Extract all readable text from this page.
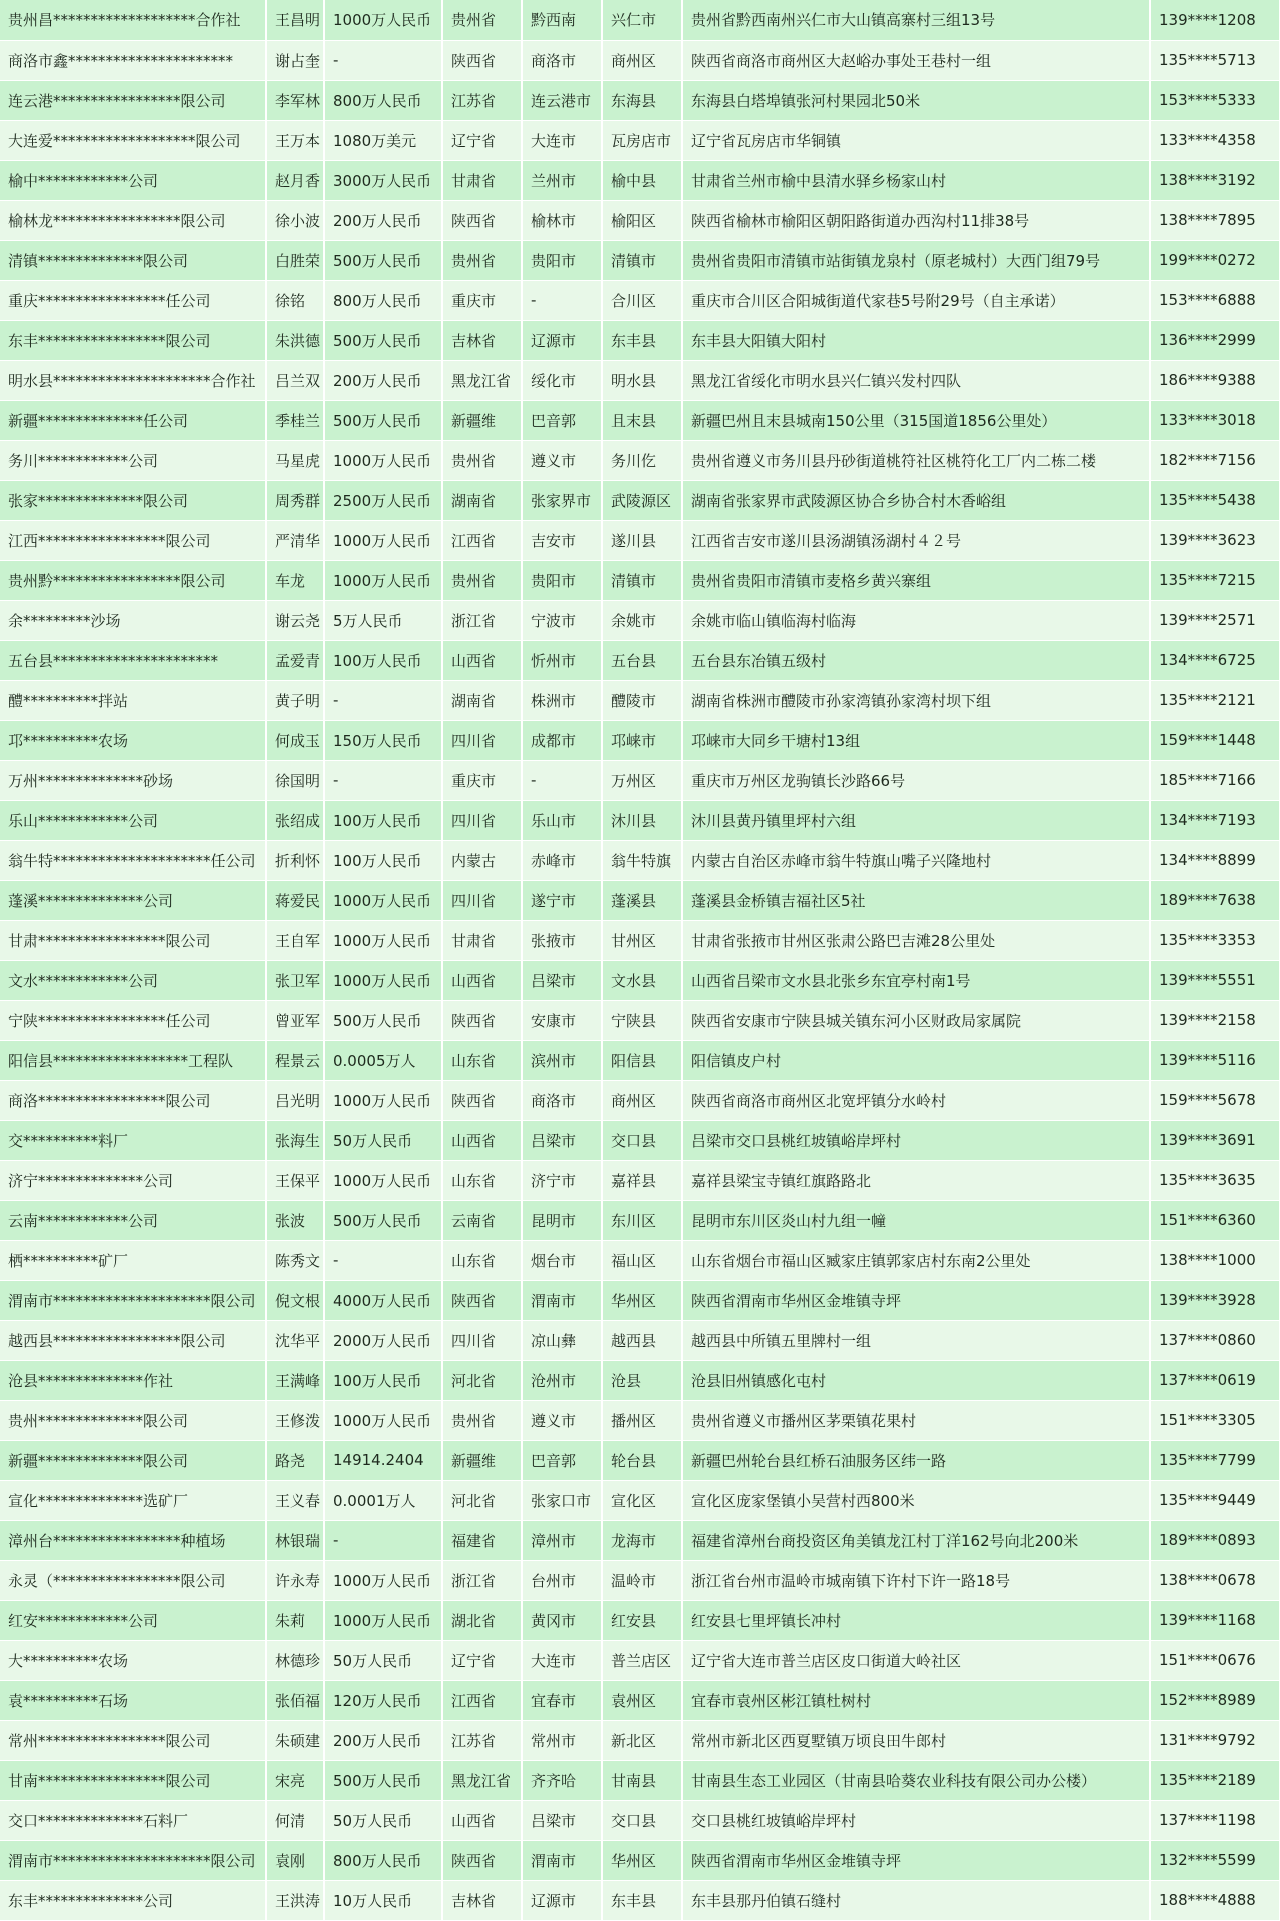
贵州昌*******************合作社	王昌明	1000万人民币	贵州省	黔西南	兴仁市	贵州省黔西南州兴仁市大山镇高寨村三组13号	139****1208
商洛市鑫**********************	谢占奎	-	陕西省	商洛市	商州区	陕西省商洛市商州区大赵峪办事处王巷村一组	135****5713
连云港*****************限公司	李军林	800万人民币	江苏省	连云港市	东海县	东海县白塔埠镇张河村果园北50米	153****5333
大连爱*******************限公司	王万本	1080万美元	辽宁省	大连市	瓦房店市	辽宁省瓦房店市华铜镇	133****4358
榆中************公司	赵月香	3000万人民币	甘肃省	兰州市	榆中县	甘肃省兰州市榆中县清水驿乡杨家山村	138****3192
榆林龙*****************限公司	徐小波	200万人民币	陕西省	榆林市	榆阳区	陕西省榆林市榆阳区朝阳路街道办西沟村11排38号	138****7895
清镇**************限公司	白胜荣	500万人民币	贵州省	贵阳市	清镇市	贵州省贵阳市清镇市站街镇龙泉村（原老城村）大西门组79号	199****0272
重庆*****************任公司	徐铭	800万人民币	重庆市	-	合川区	重庆市合川区合阳城街道代家巷5号附29号（自主承诺）	153****6888
东丰*****************限公司	朱洪德	500万人民币	吉林省	辽源市	东丰县	东丰县大阳镇大阳村	136****2999
明水县*********************合作社	吕兰双	200万人民币	黑龙江省	绥化市	明水县	黑龙江省绥化市明水县兴仁镇兴发村四队	186****9388
新疆**************任公司	季桂兰	500万人民币	新疆维	巴音郭	且末县	新疆巴州且末县城南150公里（315国道1856公里处）	133****3018
务川************公司	马星虎	1000万人民币	贵州省	遵义市	务川仡	贵州省遵义市务川县丹砂街道桃符社区桃符化工厂内二栋二楼	182****7156
张家**************限公司	周秀群	2500万人民币	湖南省	张家界市	武陵源区	湖南省张家界市武陵源区协合乡协合村木香峪组	135****5438
江西*****************限公司	严清华	1000万人民币	江西省	吉安市	遂川县	江西省吉安市遂川县汤湖镇汤湖村４２号	139****3623
贵州黔*****************限公司	车龙	1000万人民币	贵州省	贵阳市	清镇市	贵州省贵阳市清镇市麦格乡黄兴寨组	135****7215
余*********沙场	谢云尧	5万人民币	浙江省	宁波市	余姚市	余姚市临山镇临海村临海	139****2571
五台县**********************	孟爱青	100万人民币	山西省	忻州市	五台县	五台县东冶镇五级村	134****6725
醴**********拌站	黄子明	-	湖南省	株洲市	醴陵市	湖南省株洲市醴陵市孙家湾镇孙家湾村坝下组	135****2121
邛**********农场	何成玉	150万人民币	四川省	成都市	邛崃市	邛崃市大同乡干塘村13组	159****1448
万州**************砂场	徐国明	-	重庆市	-	万州区	重庆市万州区龙驹镇长沙路66号	185****7166
乐山************公司	张绍成	100万人民币	四川省	乐山市	沐川县	沐川县黄丹镇里坪村六组	134****7193
翁牛特*********************任公司	折利怀	100万人民币	内蒙古	赤峰市	翁牛特旗	内蒙古自治区赤峰市翁牛特旗山嘴子兴隆地村	134****8899
蓬溪**************公司	蒋爱民	1000万人民币	四川省	遂宁市	蓬溪县	蓬溪县金桥镇吉福社区5社	189****7638
甘肃*****************限公司	王自军	1000万人民币	甘肃省	张掖市	甘州区	甘肃省张掖市甘州区张肃公路巴吉滩28公里处	135****3353
文水************公司	张卫军	1000万人民币	山西省	吕梁市	文水县	山西省吕梁市文水县北张乡东宜亭村南1号	139****5551
宁陕*****************任公司	曾亚军	500万人民币	陕西省	安康市	宁陕县	陕西省安康市宁陕县城关镇东河小区财政局家属院	139****2158
阳信县******************工程队	程景云	0.0005万人	山东省	滨州市	阳信县	阳信镇皮户村	139****5116
商洛*****************限公司	吕光明	1000万人民币	陕西省	商洛市	商州区	陕西省商洛市商州区北宽坪镇分水岭村	159****5678
交**********料厂	张海生	50万人民币	山西省	吕梁市	交口县	吕梁市交口县桃红坡镇峪岸坪村	139****3691
济宁**************公司	王保平	1000万人民币	山东省	济宁市	嘉祥县	嘉祥县梁宝寺镇红旗路路北	135****3635
云南************公司	张波	500万人民币	云南省	昆明市	东川区	昆明市东川区炎山村九组一幢	151****6360
栖**********矿厂	陈秀文	-	山东省	烟台市	福山区	山东省烟台市福山区臧家庄镇郭家店村东南2公里处	138****1000
渭南市*********************限公司	倪文根	4000万人民币	陕西省	渭南市	华州区	陕西省渭南市华州区金堆镇寺坪	139****3928
越西县*****************限公司	沈华平	2000万人民币	四川省	凉山彝	越西县	越西县中所镇五里牌村一组	137****0860
沧县**************作社	王满峰	100万人民币	河北省	沧州市	沧县	沧县旧州镇感化屯村	137****0619
贵州**************限公司	王修泼	1000万人民币	贵州省	遵义市	播州区	贵州省遵义市播州区茅栗镇花果村	151****3305
新疆**************限公司	路尧	14914.2404	新疆维	巴音郭	轮台县	新疆巴州轮台县红桥石油服务区纬一路	135****7799
宣化**************选矿厂	王义春	0.0001万人	河北省	张家口市	宣化区	宣化区庞家堡镇小吴营村西800米	135****9449
漳州台*****************种植场	林银瑞	-	福建省	漳州市	龙海市	福建省漳州台商投资区角美镇龙江村丁洋162号向北200米	189****0893
永灵（*****************限公司	许永寿	1000万人民币	浙江省	台州市	温岭市	浙江省台州市温岭市城南镇下许村下许一路18号	138****0678
红安************公司	朱莉	1000万人民币	湖北省	黄冈市	红安县	红安县七里坪镇长冲村	139****1168
大**********农场	林德珍	50万人民币	辽宁省	大连市	普兰店区	辽宁省大连市普兰店区皮口街道大岭社区	151****0676
袁**********石场	张佰福	120万人民币	江西省	宜春市	袁州区	宜春市袁州区彬江镇杜树村	152****8989
常州*****************限公司	朱硕建	200万人民币	江苏省	常州市	新北区	常州市新北区西夏墅镇万顷良田牛郎村	131****9792
甘南*****************限公司	宋亮	500万人民币	黑龙江省	齐齐哈	甘南县	甘南县生态工业园区（甘南县哈葵农业科技有限公司办公楼）	135****2189
交口**************石料厂	何清	50万人民币	山西省	吕梁市	交口县	交口县桃红坡镇峪岸坪村	137****1198
渭南市*********************限公司	袁刚	800万人民币	陕西省	渭南市	华州区	陕西省渭南市华州区金堆镇寺坪	132****5599
东丰**************公司	王洪涛	10万人民币	吉林省	辽源市	东丰县	东丰县那丹伯镇石缝村	188****4888
